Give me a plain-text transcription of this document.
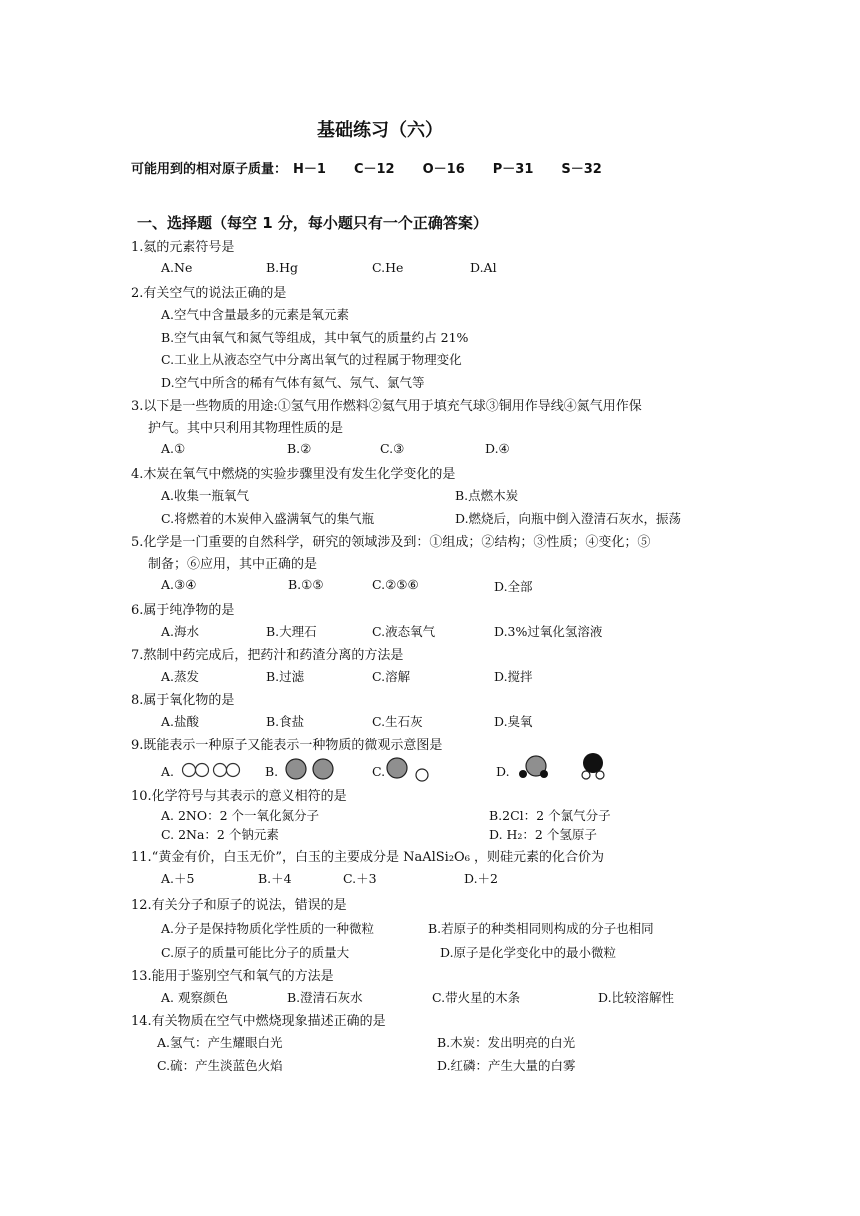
基础练习（六）
可能用到的相对原子质量： H－1 C－12 O－16 P－31 S－32
一、选择题（每空 1 分，每小题只有一个正确答案）
1.氦的元素符号是
A.Ne	B.Hg	C.He	D.Al
2.有关空气的说法正确的是
A.空气中含量最多的元素是氧元素
B.空气由氧气和氮气等组成，其中氧气的质量约占 21%
C.工业上从液态空气中分离出氧气的过程属于物理变化
D.空气中所含的稀有气体有氦气、氖气、氯气等
3.以下是一些物质的用途:①氢气用作燃料②氦气用于填充气球③铜用作导线④氮气用作保
护气。其中只利用其物理性质的是
A.①	B.②	C.③	D.④
4.木炭在氧气中燃烧的实验步骤里没有发生化学变化的是
A.收集一瓶氧气	B.点燃木炭
C.将燃着的木炭伸入盛满氧气的集气瓶	D.燃烧后，向瓶中倒入澄清石灰水，振荡
5.化学是一门重要的自然科学，研究的领域涉及到：①组成；②结构；③性质；④变化；⑤
制备；⑥应用，其中正确的是
A.③④	B.①⑤	C.②⑤⑥	D.全部
6.属于纯净物的是
A.海水	B.大理石	C.液态氧气	D.3%过氧化氢溶液
7.熬制中药完成后，把药汁和药渣分离的方法是
A.蒸发	B.过滤	C.溶解	D.搅拌
8.属于氧化物的是
A.盐酸	B.食盐	C.生石灰	D.臭氧
9.既能表示一种原子又能表示一种物质的微观示意图是
A.	B.	C.	D.
10.化学符号与其表示的意义相符的是
A. 2NO：2 个一氧化氮分子	B.2Cl：2 个氯气分子
C. 2Na：2 个钠元素	D. H₂：2 个氢原子
11.“黄金有价，白玉无价”，白玉的主要成分是 NaAlSi₂O₆ ，则硅元素的化合价为
A.＋5	B.＋4	C.＋3	D.＋2
12.有关分子和原子的说法，错误的是
A.分子是保持物质化学性质的一种微粒	B.若原子的种类相同则构成的分子也相同
C.原子的质量可能比分子的质量大	D.原子是化学变化中的最小微粒
13.能用于鉴别空气和氧气的方法是
A. 观察颜色	B.澄清石灰水	C.带火星的木条	D.比较溶解性
14.有关物质在空气中燃烧现象描述正确的是
A.氢气：产生耀眼白光	B.木炭：发出明亮的白光
C.硫：产生淡蓝色火焰	D.红磷：产生大量的白雾
